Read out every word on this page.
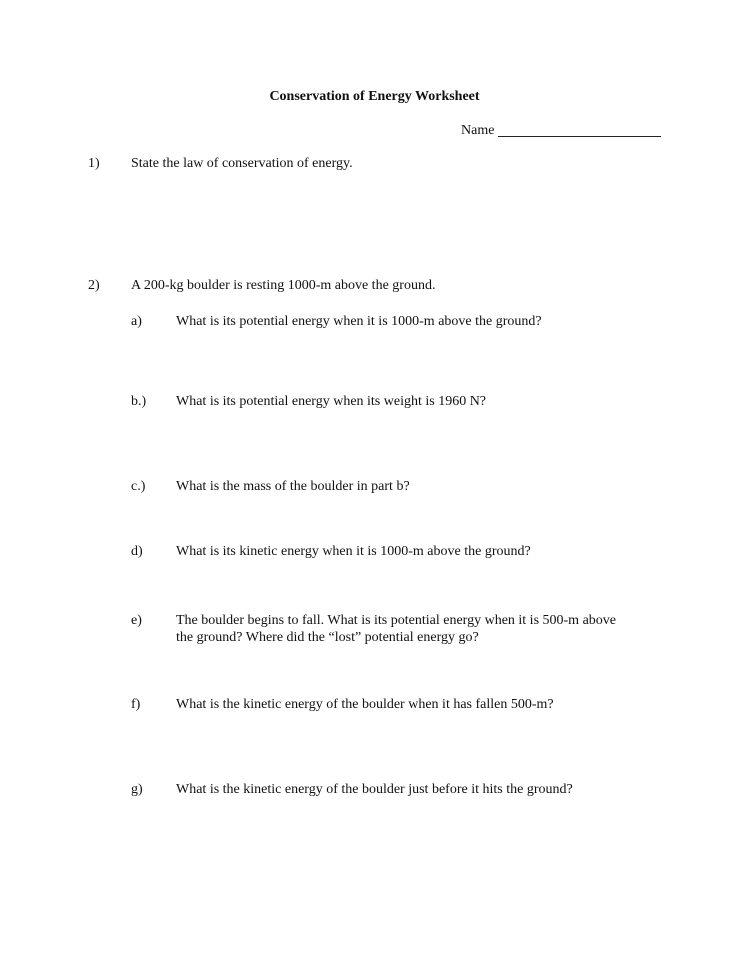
Conservation of Energy Worksheet
Name
1) State the law of conservation of energy.
2) A 200-kg boulder is resting 1000-m above the ground.
a) What is its potential energy when it is 1000-m above the ground?
b.) What is its potential energy when its weight is 1960 N?
c.) What is the mass of the boulder in part b?
d) What is its kinetic energy when it is 1000-m above the ground?
e) The boulder begins to fall. What is its potential energy when it is 500-m above
the ground? Where did the “lost” potential energy go?
f)	What is the kinetic energy of the boulder when it has fallen 500-m?
g) What is the kinetic energy of the boulder just before it hits the ground?
